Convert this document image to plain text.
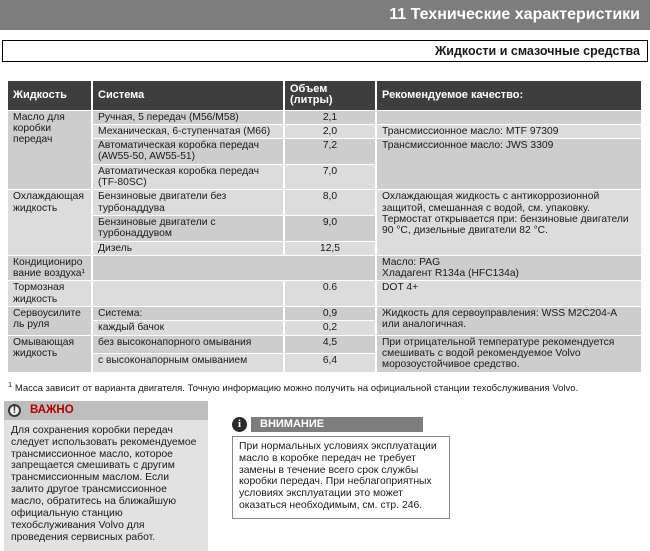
11 Технические характеристики
Жидкости и смазочные средства
Жидкость	Система	Объем (литры)	Рекомендуемое качество:
Масло для коробки передач	Ручная, 5 передач (M56/M58)	2,1	
	Механическая, 6-ступенчатая (M66)	2,0	Трансмиссионное масло: MTF 97309
	Автоматическая коробка передач (AW55-50, AW55-51)	7,2	Трансмиссионное масло: JWS 3309
	Автоматическая коробка передач (TF-80SC)	7,0	
Охлаждающая жидкость	Бензиновые двигатели без турбонаддува	8,0	Охлаждающая жидкость с антикоррозионной защитой, смешанная с водой, см. упаковку. Термостат открывается при: бензиновые двигатели 90 °C, дизельные двигатели 82 °C.
	Бензиновые двигатели с турбонаддувом	9,0	
	Дизель	12,5	
Кондиционирование воздуха¹			Масло: PAG
Хладагент R134a (HFC134a)
Тормозная жидкость		0.6	DOT 4+
Сервоусилитель руля	Система:	0,9	Жидкость для сервоуправления: WSS M2C204-A или аналогичная.
	каждый бачок	0,2	
Омывающая жидкость	без высоконапорного омывания	4,5	При отрицательной температуре рекомендуется смешивать с водой рекомендуемое Volvo морозоустойчивое средство.
	с высоконапорным омыванием	6,4	
$^1$ Масса зависит от варианта двигателя. Точную информацию можно получить на официальной станции техобслуживания Volvo.
!	ВАЖНО
Для сохранения коробки передач следует использовать рекомендуемое трансмиссионное масло, которое запрещается смешивать с другим трансмиссионным маслом. Если залито другое трансмиссионное масло, обратитесь на ближайшую официальную станцию техобслуживания Volvo для проведения сервисных работ.
i	ВНИМАНИЕ
При нормальных условиях эксплуатации масло в коробке передач не требует замены в течение всего срок службы коробки передач. При неблагоприятных условиях эксплуатации это может оказаться необходимым, см. стр. 246.
